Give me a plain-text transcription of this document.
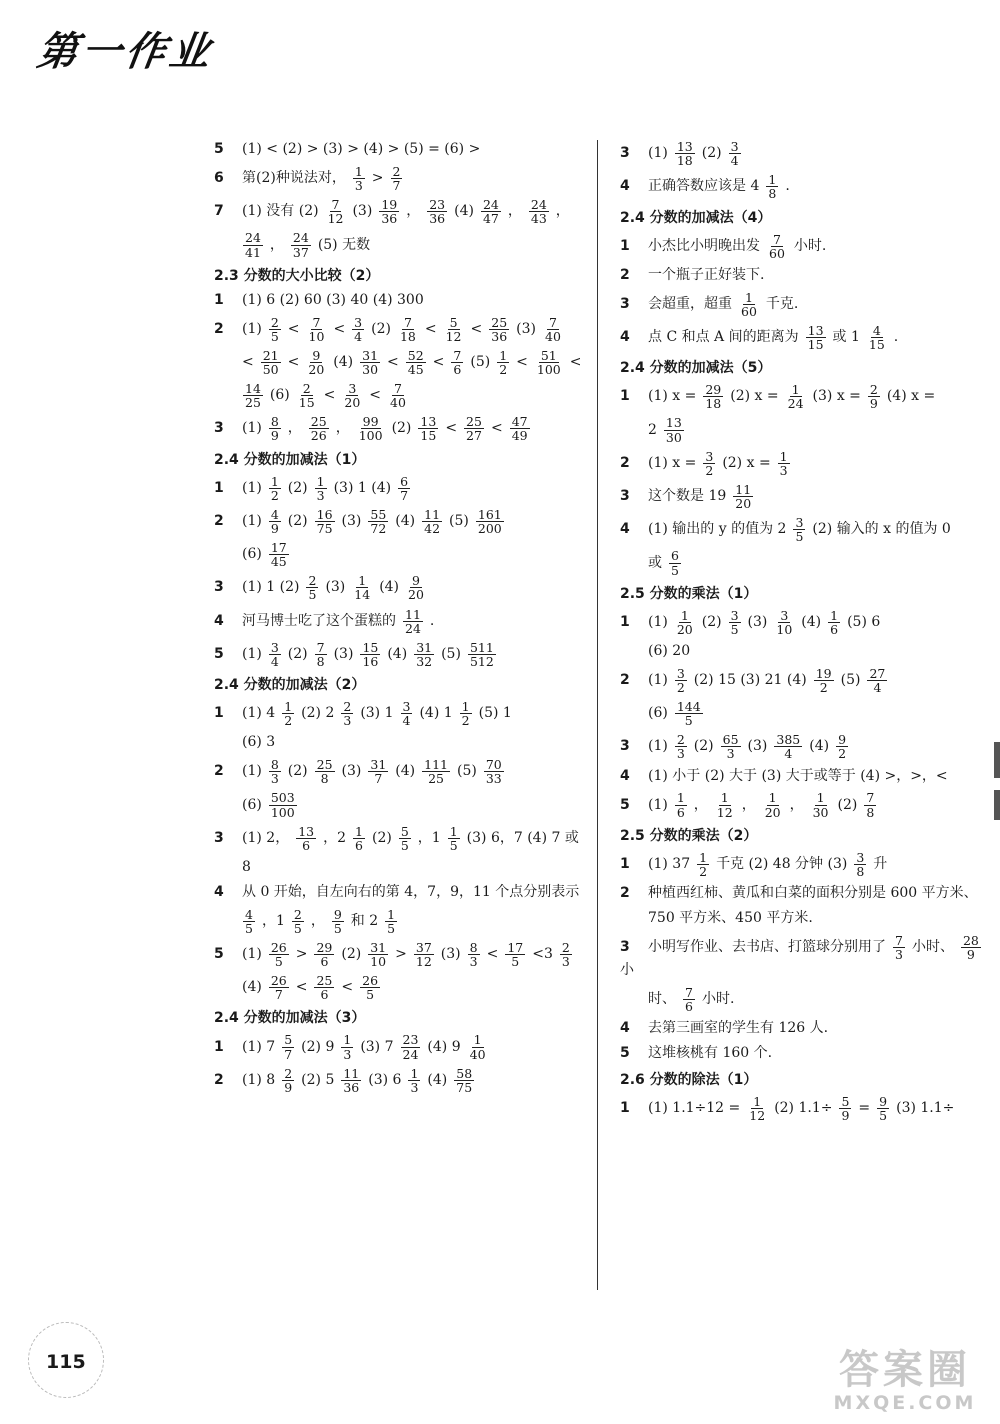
第一作业
5	(1) < (2) > (3) > (4) > (5) = (6) >
6	第(2)种说法对， $\frac{1}{3} > \frac{2}{7}$
7	(1) 没有 $(2) \frac{7}{12} (3) \frac{19}{36}$ ， $\frac{23}{36} (4) \frac{24}{47}$ ， $\frac{24}{43}$ ，
$\frac{24}{41}$ ， $\frac{24}{37} (5)$ 无数
2.3 分数的大小比较（2）
1	(1) 6 (2) 60 (3) 40 (4) 300
2	$(1) \frac{2}{5} < \frac{7}{10} < \frac{3}{4} (2) \frac{7}{18} < \frac{5}{12} < \frac{25}{36} (3) \frac{7}{40}$
< $\frac{21}{50} < \frac{9}{20} (4) \frac{31}{30} < \frac{52}{45} < \frac{7}{6} (5) \frac{1}{2} < \frac{51}{100}$ <
$\frac{14}{25} (6) \frac{2}{15} < \frac{3}{20} < \frac{7}{40}$
3	$(1) \frac{8}{9}$ ， $\frac{25}{26}$ ， $\frac{99}{100} (2) \frac{13}{15} < \frac{25}{27} < \frac{47}{49}$
2.4 分数的加减法（1）
1	$(1) \frac{1}{2} (2) \frac{1}{3} (3)$ 1 $(4) \frac{6}{7}$
2	$(1) \frac{4}{9} (2) \frac{16}{75} (3) \frac{55}{72} (4) \frac{11}{42} (5) \frac{161}{200}$
$(6) \frac{17}{45}$
3	(1) 1 $(2) \frac{2}{5} (3) \frac{1}{14} (4) \frac{9}{20}$
4	河马博士吃了这个蛋糕的 $\frac{11}{24}$ .
5	$(1) \frac{3}{4} (2) \frac{7}{8} (3) \frac{15}{16} (4) \frac{31}{32} (5) \frac{511}{512}$
2.4 分数的加减法（2）
1	(1) $4 \frac{1}{2} (2)$ $2 \frac{2}{3} (3)$ $1 \frac{3}{4} (4)$ $1 \frac{1}{2} (5)$ 1
(6) 3
2	$(1) \frac{8}{3} (2) \frac{25}{8} (3) \frac{31}{7} (4) \frac{111}{25} (5) \frac{70}{33}$
$(6) \frac{503}{100}$
3	(1) 2， $\frac{13}{6}$ ，$2 \frac{1}{6} (2) \frac{5}{5}$ ，$1 \frac{1}{5} (3)$ 6，7 (4) 7 或
8
4	从 0 开始，自左向右的第 4，7，9，11 个点分别表示
$\frac{4}{5}$ ，$1 \frac{2}{5}$ ， $\frac{9}{5}$ 和 $2 \frac{1}{5}$
5	$(1) \frac{26}{5} > \frac{29}{6} (2) \frac{31}{10} > \frac{37}{12} (3) \frac{8}{3} < \frac{17}{5} <3 \frac{2}{3}$
$(4) \frac{26}{7} < \frac{25}{6} < \frac{26}{5}$
2.4 分数的加减法（3）
1	(1) $7 \frac{5}{7} (2)$ $9 \frac{1}{3} (3)$ $7 \frac{23}{24} (4)$ $9 \frac{1}{40}$
2	(1) $8 \frac{2}{9} (2)$ $5 \frac{11}{36} (3)$ $6 \frac{1}{3} (4) \frac{58}{75}$
3	$(1) \frac{13}{18} (2) \frac{3}{4}$
4	正确答数应该是 $4 \frac{1}{8}$ .
2.4 分数的加减法（4）
1	小杰比小明晚出发 $\frac{7}{60}$ 小时.
2	一个瓶子正好装下.
3	会超重，超重 $\frac{1}{60}$ 千克.
4	点 C 和点 A 间的距离为 $\frac{13}{15}$ 或 $1 \frac{4}{15}$ .
2.4 分数的加减法（5）
1	(1) $x = \frac{29}{18} (2) x = \frac{1}{24} (3) x = \frac{2}{9} (4) x$ =
$2 \frac{13}{30}$
2	(1) $x = \frac{3}{2} (2) x = \frac{1}{3}$
3	这个数是 $19 \frac{11}{20}$
4	(1) 输出的 y 的值为 $2 \frac{3}{5} (2)$ 输入的 x 的值为 0
或 $\frac{6}{5}$
2.5 分数的乘法（1）
1	$(1) \frac{1}{20} (2) \frac{3}{5} (3) \frac{3}{10} (4) \frac{1}{6} (5)$ 6
(6) 20
2	$(1) \frac{3}{2} (2)$ 15 (3) 21 $(4) \frac{19}{2} (5) \frac{27}{4}$
$(6) \frac{144}{5}$
3	$(1) \frac{2}{3} (2) \frac{65}{3} (3) \frac{385}{4} (4) \frac{9}{2}$
4	(1) 小于 (2) 大于 (3) 大于或等于 (4) >，>，<
5	$(1) \frac{1}{6}$ ， $\frac{1}{12}$ ， $\frac{1}{20}$ ， $\frac{1}{30} (2) \frac{7}{8}$
2.5 分数的乘法（2）
1	(1) $37 \frac{1}{2}$ 千克 (2) 48 分钟 $(3) \frac{3}{8}$ 升
2	种植西红柿、黄瓜和白菜的面积分别是 600 平方米、
750 平方米、450 平方米.
3	小明写作业、去书店、打篮球分别用了 $\frac{7}{3}$ 小时、 $\frac{28}{9}$
小
时、 $\frac{7}{6}$ 小时.
4	去第三画室的学生有 126 人.
5	这堆核桃有 160 个.
2.6 分数的除法（1）
1	(1) $1.1\div 12 = \frac{1}{12} (2)$ $1.1\div \frac{5}{9} = \frac{9}{5} (3)$ 1.1÷
115	答案圈
MXQE.COM
